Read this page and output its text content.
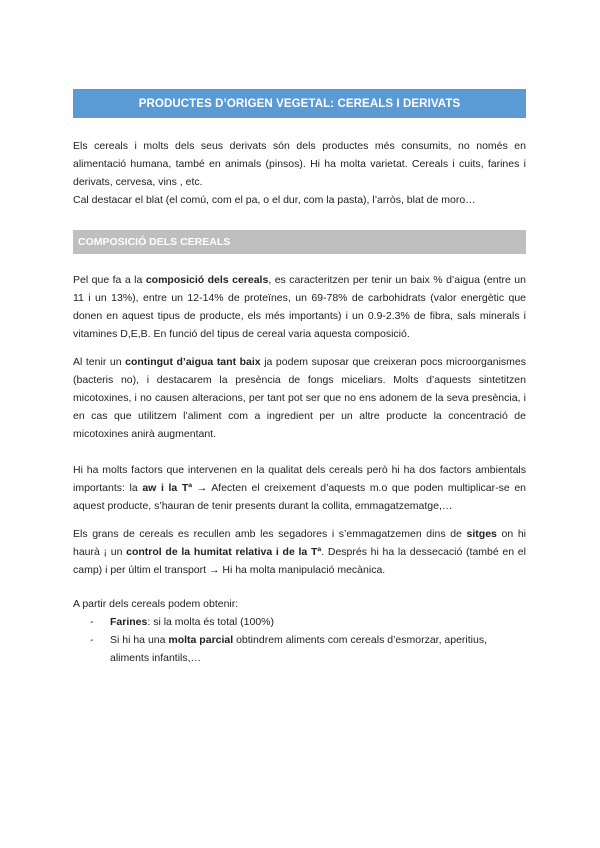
PRODUCTES D’ORIGEN VEGETAL: CEREALS I DERIVATS
Els cereals i molts dels seus derivats són dels productes més consumits, no només en alimentació humana, també en animals (pinsos). Hi ha molta varietat. Cereals i cuits, farines i derivats, cervesa, vins , etc.
Cal destacar el blat (el comú, com el pa, o el dur, com la pasta), l’arròs, blat de moro…
COMPOSICIÓ DELS CEREALS

Pel que fa a la composició dels cereals, es caracteritzen per tenir un baix % d’aigua (entre un 11 i un 13%), entre un 12-14% de proteïnes, un 69-78% de carbohidrats (valor energètic que donen en aquest tipus de producte, els més importants) i un 0.9-2.3% de fibra, sals minerals i vitamines D,E,B. En funció del tipus de cereal varia aquesta composició.

Al tenir un contingut d’aigua tant baix ja podem suposar que creixeran pocs microorganismes (bacteris no), i destacarem la presència de fongs miceliars. Molts d’aquests sintetitzen micotoxines, i no causen alteracions, per tant pot ser que no ens adonem de la seva presència, i en cas que utilitzem l’aliment com a ingredient per un altre producte la concentració de micotoxines anirà augmentant.

Hi ha molts factors que intervenen en la qualitat dels cereals però hi ha dos factors ambientals importants: la aw i la Tª → Afecten el creixement d’aquests m.o que poden multiplicar-se en aquest producte, s’hauran de tenir presents durant la collita, emmagatzematge,…

Els grans de cereals es recullen amb les segadores i s’emmagatzemen dins de sitges on hi haurà ¡ un control de la humitat relativa i de la Tª. Després hi ha la dessecació (també en el camp) i per últim el transport → Hi ha molta manipulació mecànica.

A partir dels cereals podem obtenir:

- Farines: si la molta és total (100%)
- Si hi ha una molta parcial obtindrem aliments com cereals d’esmorzar, aperitius, aliments infantils,…
